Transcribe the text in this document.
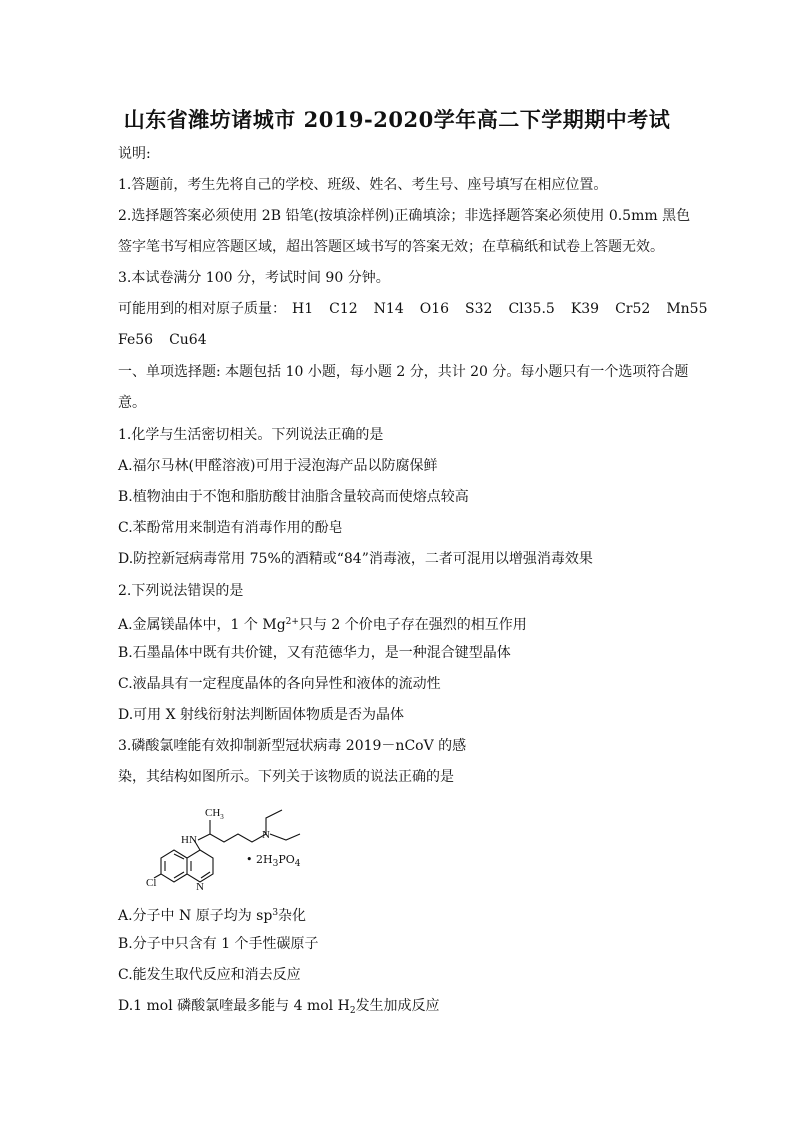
山东省潍坊诸城市 2019-2020学年高二下学期期中考试
说明:
1.答题前，考生先将自己的学校、班级、姓名、考生号、座号填写在相应位置。
2.选择题答案必须使用 2B 铅笔(按填涂样例)正确填涂；非选择题答案必须使用 0.5mm 黑色
签字笔书写相应答题区域，超出答题区域书写的答案无效；在草稿纸和试卷上答题无效。
3.本试卷满分 100 分，考试时间 90 分钟。
可能用到的相对原子质量： H1 C12 N14 O16 S32 Cl35.5 K39 Cr52 Mn55
Fe56 Cu64
一、单项选择题: 本题包括 10 小题，每小题 2 分，共计 20 分。每小题只有一个选项符合题
意。
1.化学与生活密切相关。下列说法正确的是
A.福尔马林(甲醛溶液)可用于浸泡海产品以防腐保鲜
B.植物油由于不饱和脂肪酸甘油脂含量较高而使熔点较高
C.苯酚常用来制造有消毒作用的酚皂
D.防控新冠病毒常用 75%的酒精或“84”消毒液，二者可混用以增强消毒效果
2.下列说法错误的是
A.金属镁晶体中，1 个 $Mg^{2+}$只与 2 个价电子存在强烈的相互作用
B.石墨晶体中既有共价键，又有范德华力，是一种混合键型晶体
C.液晶具有一定程度晶体的各向异性和液体的流动性
D.可用 X 射线衍射法判断固体物质是否为晶体
3.磷酸氯喹能有效抑制新型冠状病毒 2019－nCoV 的感
染，其结构如图所示。下列关于该物质的说法正确的是
$CH_3$
HN	N
N
Cl
• $2H_3PO_4$
A.分子中 N 原子均为 $sp^3$杂化
B.分子中只含有 1 个手性碳原子
C.能发生取代反应和消去反应
D.1 mol 磷酸氯喹最多能与 4 mol $H_2$发生加成反应
